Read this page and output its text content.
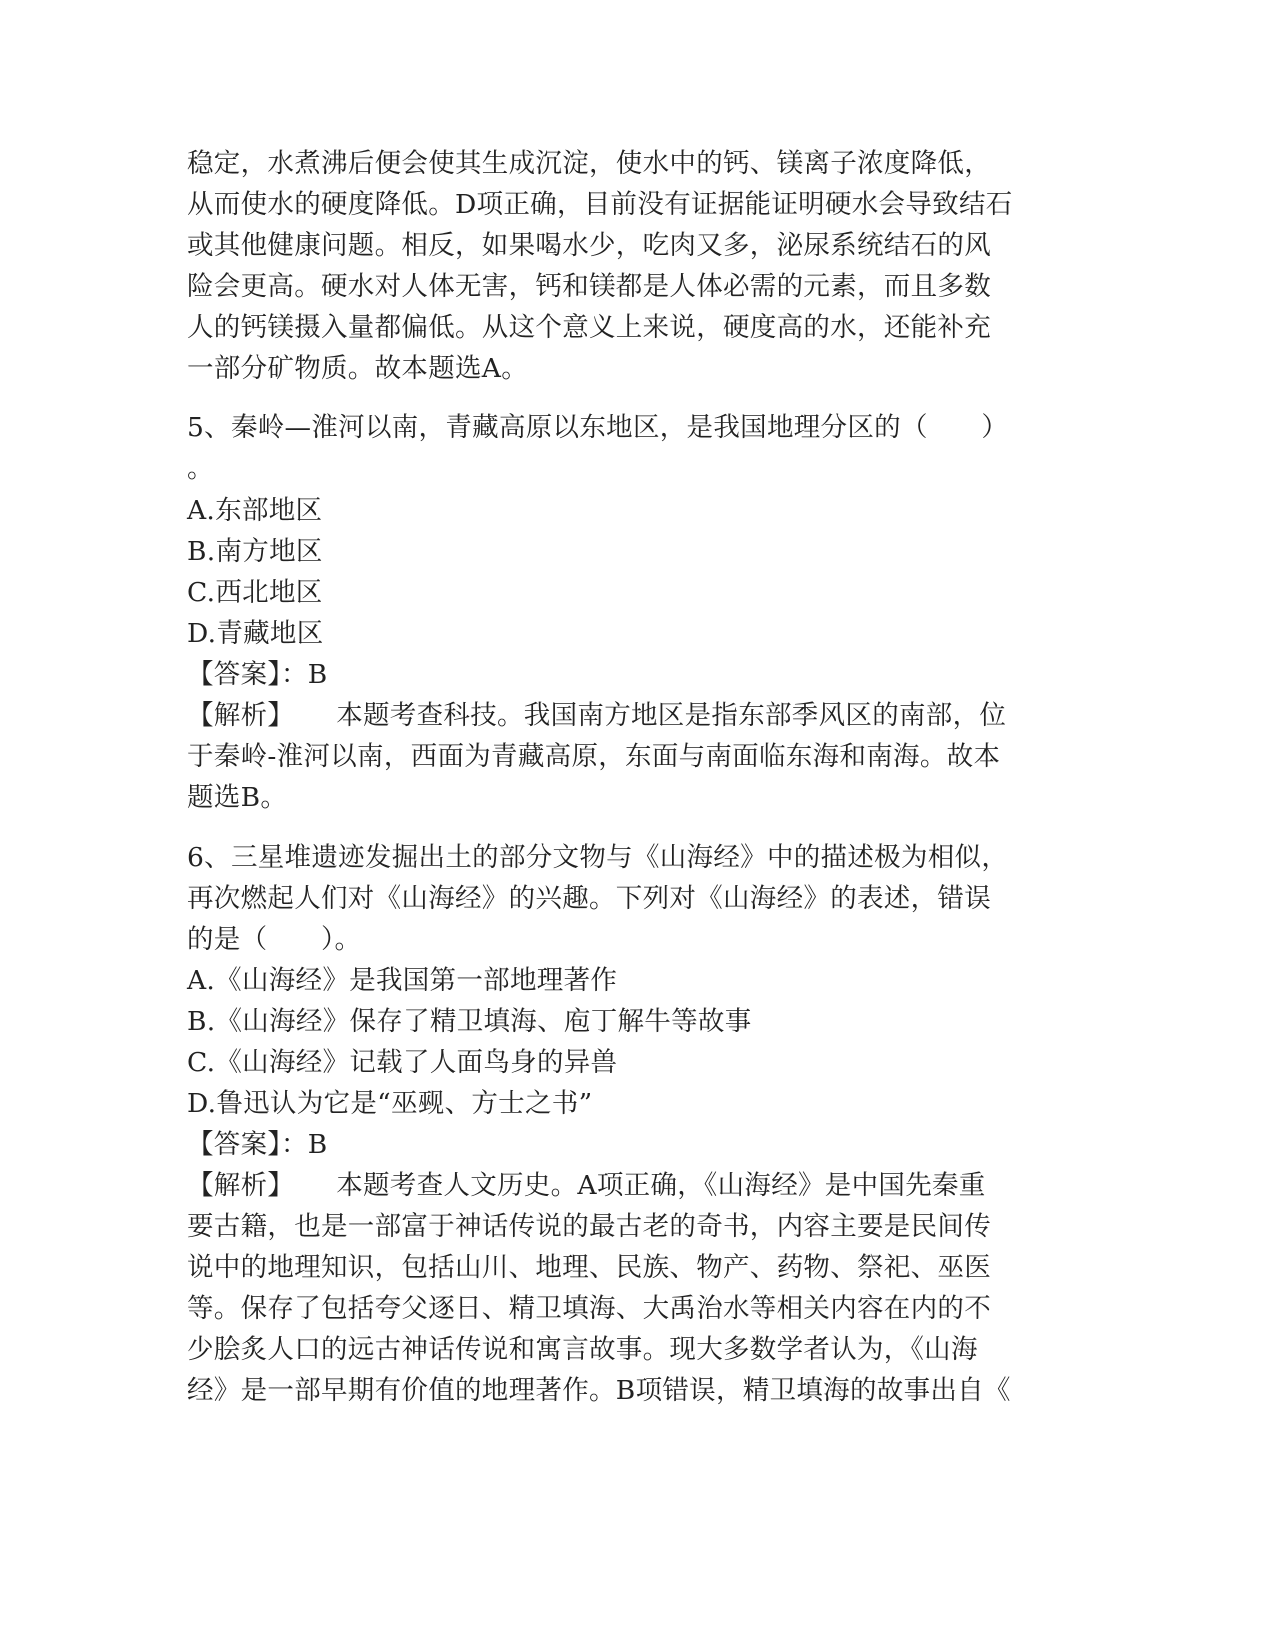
稳定，水煮沸后便会使其生成沉淀，使水中的钙、镁离子浓度降低，

从而使水的硬度降低。D项正确，目前没有证据能证明硬水会导致结石

或其他健康问题。相反，如果喝水少，吃肉又多，泌尿系统结石的风

险会更高。硬水对人体无害，钙和镁都是人体必需的元素，而且多数

人的钙镁摄入量都偏低。从这个意义上来说，硬度高的水，还能补充

一部分矿物质。故本题选A。

5、秦岭—淮河以南，青藏高原以东地区，是我国地理分区的（　　）

。

A.东部地区

B.南方地区

C.西北地区

D.青藏地区

【答案】：B

【解析】 本题考查科技。我国南方地区是指东部季风区的南部，位

于秦岭-淮河以南，西面为青藏高原，东面与南面临东海和南海。故本

题选B。

6、三星堆遗迹发掘出土的部分文物与《山海经》中的描述极为相似，

再次燃起人们对《山海经》的兴趣。下列对《山海经》的表述，错误

的是（　　）。

A.《山海经》是我国第一部地理著作

B.《山海经》保存了精卫填海、庖丁解牛等故事

C.《山海经》记载了人面鸟身的异兽

D.鲁迅认为它是“巫觋、方士之书”

【答案】：B

【解析】 本题考查人文历史。A项正确，《山海经》是中国先秦重

要古籍，也是一部富于神话传说的最古老的奇书，内容主要是民间传

说中的地理知识，包括山川、地理、民族、物产、药物、祭祀、巫医

等。保存了包括夸父逐日、精卫填海、大禹治水等相关内容在内的不

少脍炙人口的远古神话传说和寓言故事。现大多数学者认为，《山海

经》是一部早期有价值的地理著作。B项错误，精卫填海的故事出自《
